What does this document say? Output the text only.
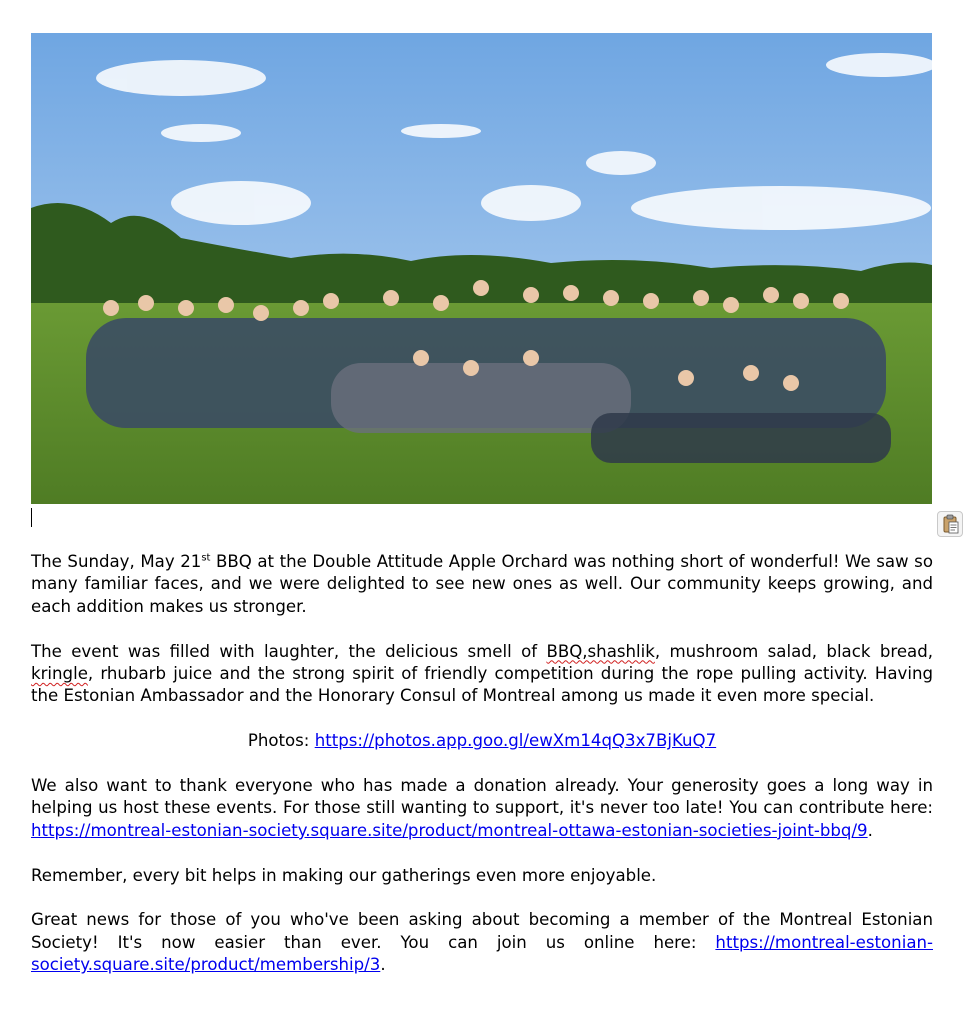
The Sunday, May 21st BBQ at the Double Attitude Apple Orchard was nothing short of wonderful! We saw so many familiar faces, and we were delighted to see new ones as well. Our community keeps growing, and each addition makes us stronger.

The event was filled with laughter, the delicious smell of BBQ,shashlik, mushroom salad, black bread, kringle, rhubarb juice and the strong spirit of friendly competition during the rope pulling activity. Having the Estonian Ambassador and the Honorary Consul of Montreal among us made it even more special.

Photos: https://photos.app.goo.gl/ewXm14qQ3x7BjKuQ7

We also want to thank everyone who has made a donation already. Your generosity goes a long way in helping us host these events. For those still wanting to support, it's never too late! You can contribute here: https://montreal-estonian-society.square.site/product/montreal-ottawa-estonian-societies-joint-bbq/9.

Remember, every bit helps in making our gatherings even more enjoyable.

Great news for those of you who've been asking about becoming a member of the Montreal Estonian Society! It's now easier than ever. You can join us online here: https://montreal-estonian-society.square.site/product/membership/3.
